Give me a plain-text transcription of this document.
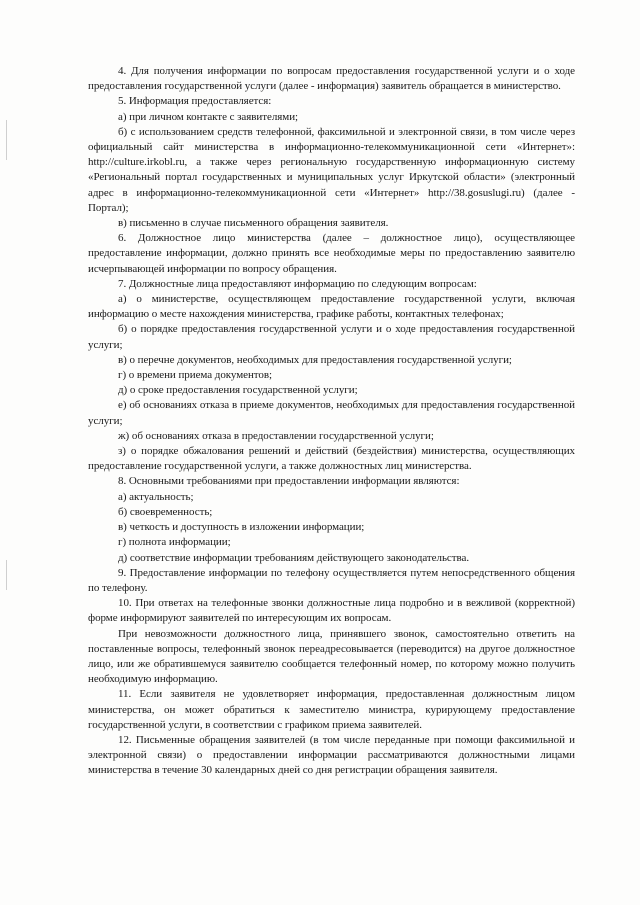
4. Для получения информации по вопросам предоставления государственной услуги и о ходе предоставления государственной услуги (далее - информация) заявитель обращается в министерство.

5. Информация предоставляется:

а) при личном контакте с заявителями;

б) с использованием средств телефонной, факсимильной и электронной связи, в том числе через официальный сайт министерства в информационно-телекоммуникационной сети «Интернет»: http://culture.irkobl.ru, а также через региональную государственную информационную систему «Региональный портал государственных и муниципальных услуг Иркутской области» (электронный адрес в информационно-телекоммуникационной сети «Интернет» http://38.gosuslugi.ru) (далее - Портал);

в) письменно в случае письменного обращения заявителя.

6. Должностное лицо министерства (далее – должностное лицо), осуществляющее предоставление информации, должно принять все необходимые меры по предоставлению заявителю исчерпывающей информации по вопросу обращения.

7. Должностные лица предоставляют информацию по следующим вопросам:

а) о министерстве, осуществляющем предоставление государственной услуги, включая информацию о месте нахождения министерства, графике работы, контактных телефонах;

б) о порядке предоставления государственной услуги и о ходе предоставления государственной услуги;

в) о перечне документов, необходимых для предоставления государственной услуги;

г) о времени приема документов;

д) о сроке предоставления государственной услуги;

е) об основаниях отказа в приеме документов, необходимых для предоставления государственной услуги;

ж) об основаниях отказа в предоставлении государственной услуги;

з) о порядке обжалования решений и действий (бездействия) министерства, осуществляющих предоставление государственной услуги, а также должностных лиц министерства.

8. Основными требованиями при предоставлении информации являются:

а) актуальность;

б) своевременность;

в) четкость и доступность в изложении информации;

г) полнота информации;

д) соответствие информации требованиям действующего законодательства.

9. Предоставление информации по телефону осуществляется путем непосредственного общения по телефону.

10. При ответах на телефонные звонки должностные лица подробно и в вежливой (корректной) форме информируют заявителей по интересующим их вопросам.

При невозможности должностного лица, принявшего звонок, самостоятельно ответить на поставленные вопросы, телефонный звонок переадресовывается (переводится) на другое должностное лицо, или же обратившемуся заявителю сообщается телефонный номер, по которому можно получить необходимую информацию.

11. Если заявителя не удовлетворяет информация, предоставленная должностным лицом министерства, он может обратиться к заместителю министра, курирующему предоставление государственной услуги, в соответствии с графиком приема заявителей.

12. Письменные обращения заявителей (в том числе переданные при помощи факсимильной и электронной связи) о предоставлении информации рассматриваются должностными лицами министерства в течение 30 календарных дней со дня регистрации обращения заявителя.
